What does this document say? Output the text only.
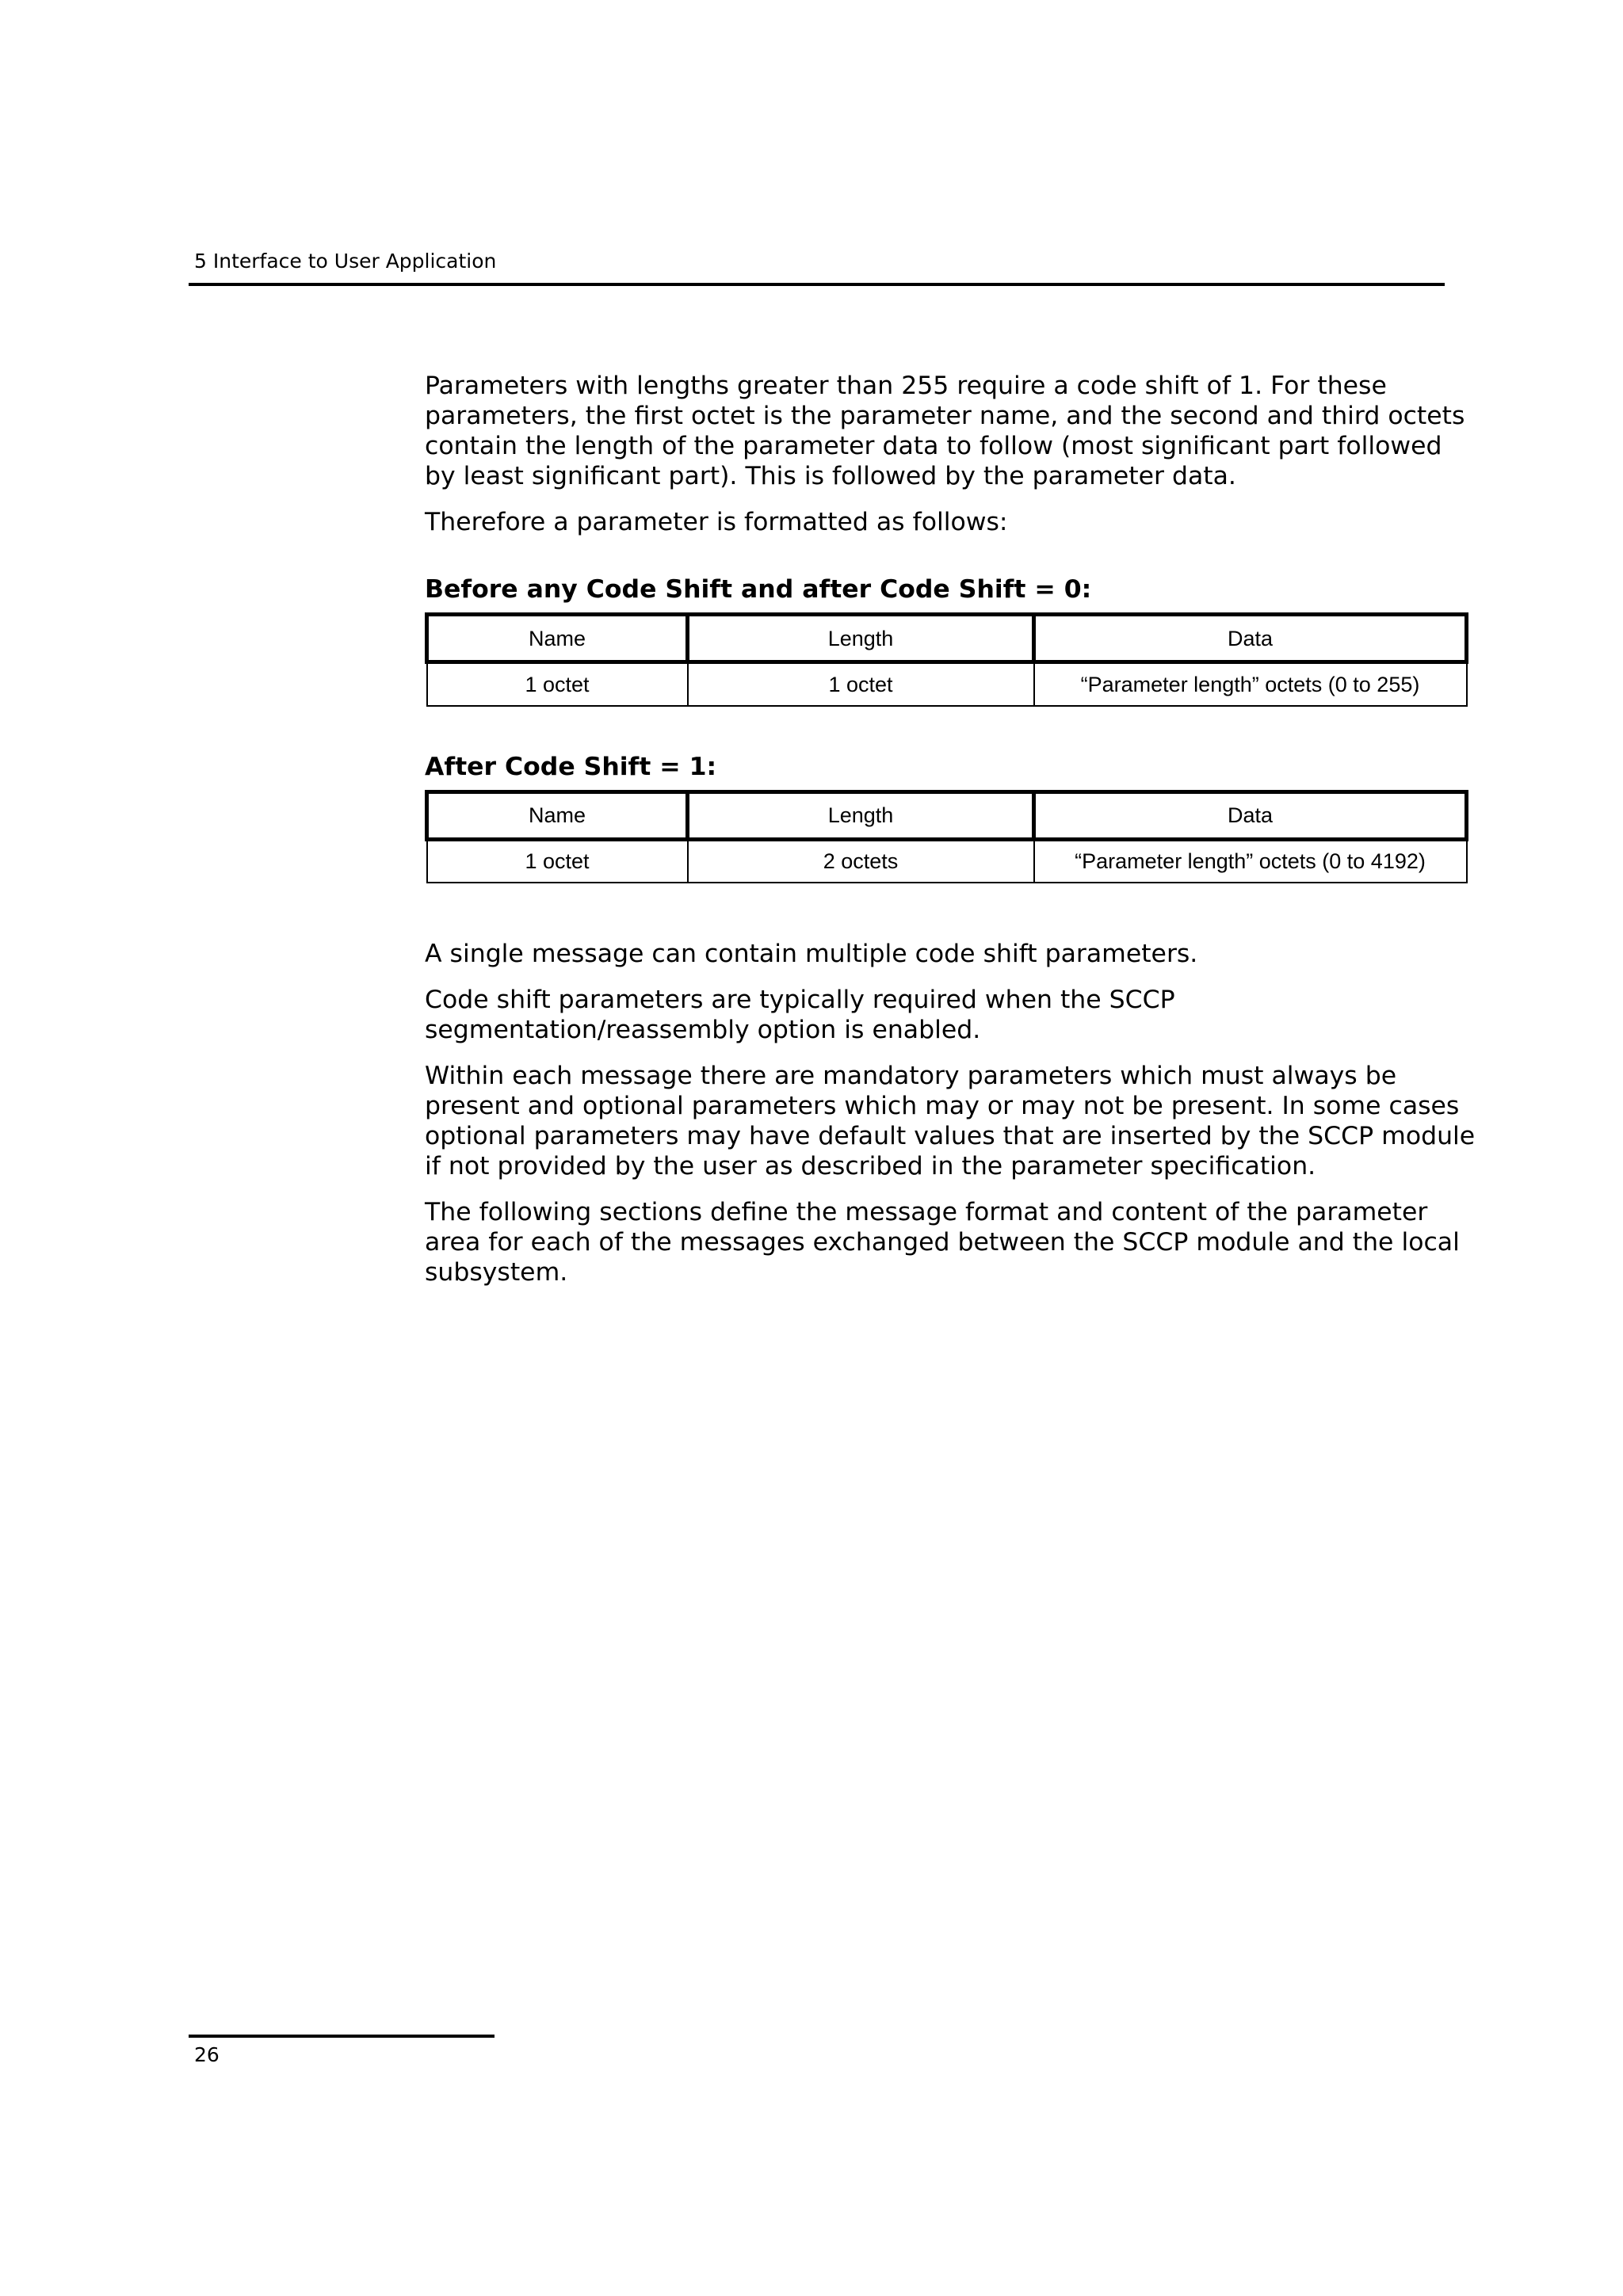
5 Interface to User Application

Parameters with lengths greater than 255 require a code shift of 1. For these parameters, the first octet is the parameter name, and the second and third octets contain the length of the parameter data to follow (most significant part followed by least significant part). This is followed by the parameter data.

Therefore a parameter is formatted as follows:

Before any Code Shift and after Code Shift = 0:
Name	Length	Data
1 octet	1 octet	“Parameter length” octets (0 to 255)
After Code Shift = 1:
Name	Length	Data
1 octet	2 octets	“Parameter length” octets (0 to 4192)

A single message can contain multiple code shift parameters.

Code shift parameters are typically required when the SCCP segmentation/reassembly option is enabled.

Within each message there are mandatory parameters which must always be present and optional parameters which may or may not be present. In some cases optional parameters may have default values that are inserted by the SCCP module if not provided by the user as described in the parameter specification.

The following sections define the message format and content of the parameter area for each of the messages exchanged between the SCCP module and the local subsystem.

26
